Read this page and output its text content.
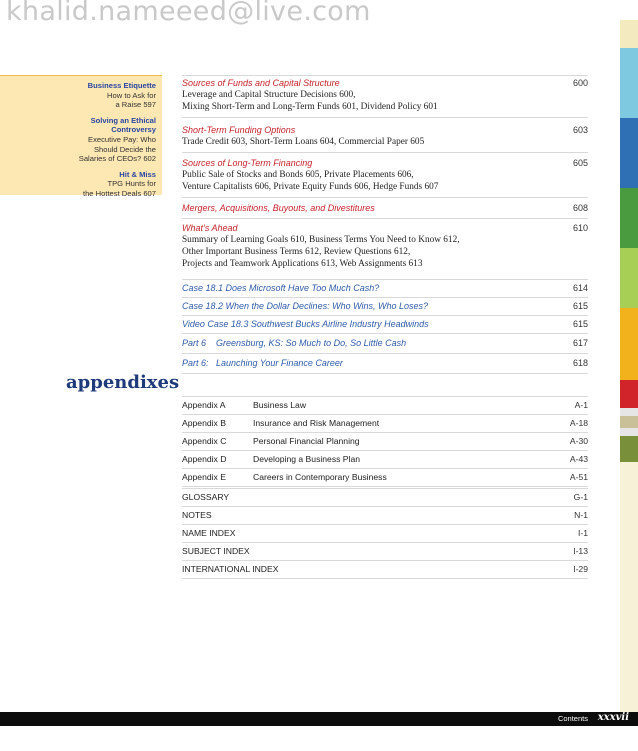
khalid.nameeed@live.com
Business Etiquette
How to Ask for
a Raise 597
Solving an Ethical
Controversy
Executive Pay: Who
Should Decide the
Salaries of CEOs? 602
Hit & Miss
TPG Hunts for
the Hottest Deals 607
Sources of Funds and Capital Structure	600
Leverage and Capital Structure Decisions 600,
Mixing Short-Term and Long-Term Funds 601, Dividend Policy 601
Short-Term Funding Options	603
Trade Credit 603, Short-Term Loans 604, Commercial Paper 605
Sources of Long-Term Financing	605
Public Sale of Stocks and Bonds 605, Private Placements 606,
Venture Capitalists 606, Private Equity Funds 606, Hedge Funds 607
Mergers, Acquisitions, Buyouts, and Divestitures	608
What’s Ahead	610
Summary of Learning Goals 610, Business Terms You Need to Know 612,
Other Important Business Terms 612, Review Questions 612,
Projects and Teamwork Applications 613, Web Assignments 613
Case 18.1 Does Microsoft Have Too Much Cash?	614
Case 18.2 When the Dollar Declines: Who Wins, Who Loses?	615
Video Case 18.3 Southwest Bucks Airline Industry Headwinds	615
Part 6    Greensburg, KS: So Much to Do, So Little Cash	617
Part 6:   Launching Your Finance Career	618
appendixes
Appendix A	Business Law	A-1

Appendix B	Insurance and Risk Management	A-18

Appendix C	Personal Financial Planning	A-30

Appendix D	Developing a Business Plan	A-43

Appendix E	Careers in Contemporary Business	A-51

GLOSSARY	G-1

NOTES	N-1

NAME INDEX	I-1

SUBJECT INDEX	I-13

INTERNATIONAL INDEX	I-29

Contents xxxvii
